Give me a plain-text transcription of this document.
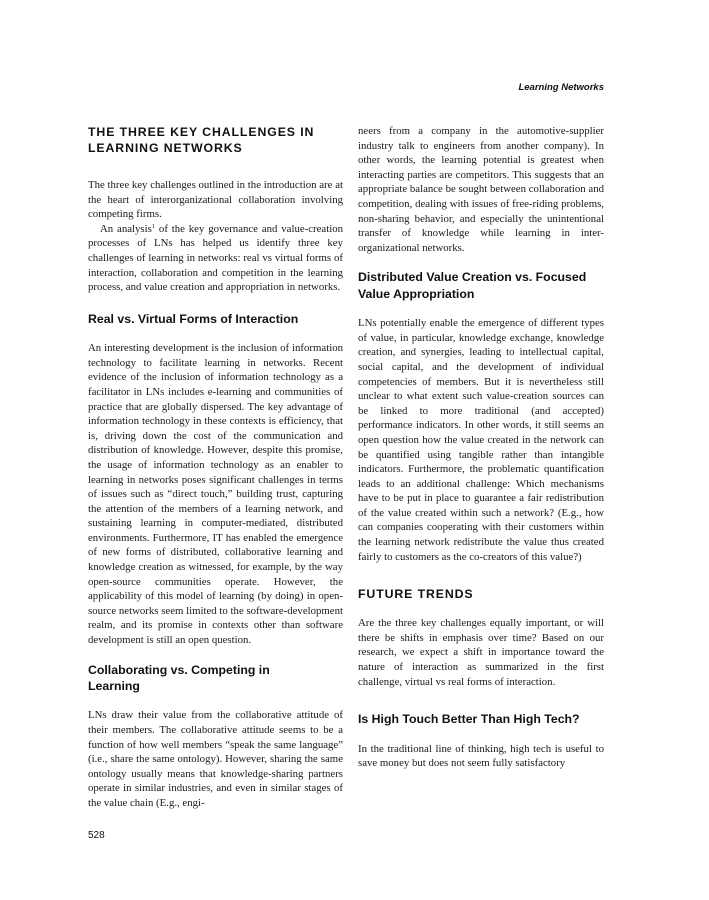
Learning Networks
THE THREE KEY CHALLENGES IN LEARNING NETWORKS

The three key challenges outlined in the introduction are at the heart of interorganizational collaboration involving competing firms.

An analysis$^1$ of the key governance and value-creation processes of LNs has helped us identify three key challenges of learning in networks: real vs virtual forms of interaction, collaboration and competition in the learning process, and value creation and appropriation in networks.

Real vs. Virtual Forms of Interaction

An interesting development is the inclusion of information technology to facilitate learning in networks. Recent evidence of the inclusion of information technology as a facilitator in LNs includes e-learning and communities of practice that are globally dispersed. The key advantage of information technology in these contexts is efficiency, that is, driving down the cost of the communication and distribution of knowledge. However, despite this promise, the usage of information technology as an enabler to learning in networks poses significant challenges in terms of issues such as “direct touch,” building trust, capturing the attention of the members of a learning network, and sustaining learning in computer-mediated, distributed environments. Furthermore, IT has enabled the emergence of new forms of distributed, collaborative learning and knowledge creation as witnessed, for example, by the way open-source communities operate. However, the applicability of this model of learning (by doing) in open-source networks seem limited to the software-development realm, and its promise in contexts other than software development is still an open question.

Collaborating vs. Competing in Learning

LNs draw their value from the collaborative attitude of their members. The collaborative attitude seems to be a function of how well members “speak the same language” (i.e., share the same ontology). However, sharing the same ontology usually means that knowledge-sharing partners operate in similar industries, and even in similar stages of the value chain (E.g., engi-

neers from a company in the automotive-supplier industry talk to engineers from another company). In other words, the learning potential is greatest when interacting parties are competitors. This suggests that an appropriate balance be sought between collaboration and competition, dealing with issues of free-riding problems, non-sharing behavior, and especially the unintentional transfer of knowledge while learning in inter-organizational networks.

Distributed Value Creation vs. Focused Value Appropriation

LNs potentially enable the emergence of different types of value, in particular, knowledge exchange, knowledge creation, and synergies, leading to intellectual capital, social capital, and the development of individual competencies of members. But it is nevertheless still unclear to what extent such value-creation sources can be linked to more traditional (and accepted) performance indicators. In other words, it still seems an open question how the value created in the network can be quantified using tangible rather than intangible indicators. Furthermore, the problematic quantification leads to an additional challenge: Which mechanisms have to be put in place to guarantee a fair redistribution of the value created within such a network? (E.g., how can companies cooperating with their customers within the learning network redistribute the value thus created fairly to customers as the co-creators of this value?)

FUTURE TRENDS

Are the three key challenges equally important, or will there be shifts in emphasis over time? Based on our research, we expect a shift in importance toward the nature of interaction as summarized in the first challenge, virtual vs real forms of interaction.

Is High Touch Better Than High Tech?

In the traditional line of thinking, high tech is useful to save money but does not seem fully satisfactory

528
